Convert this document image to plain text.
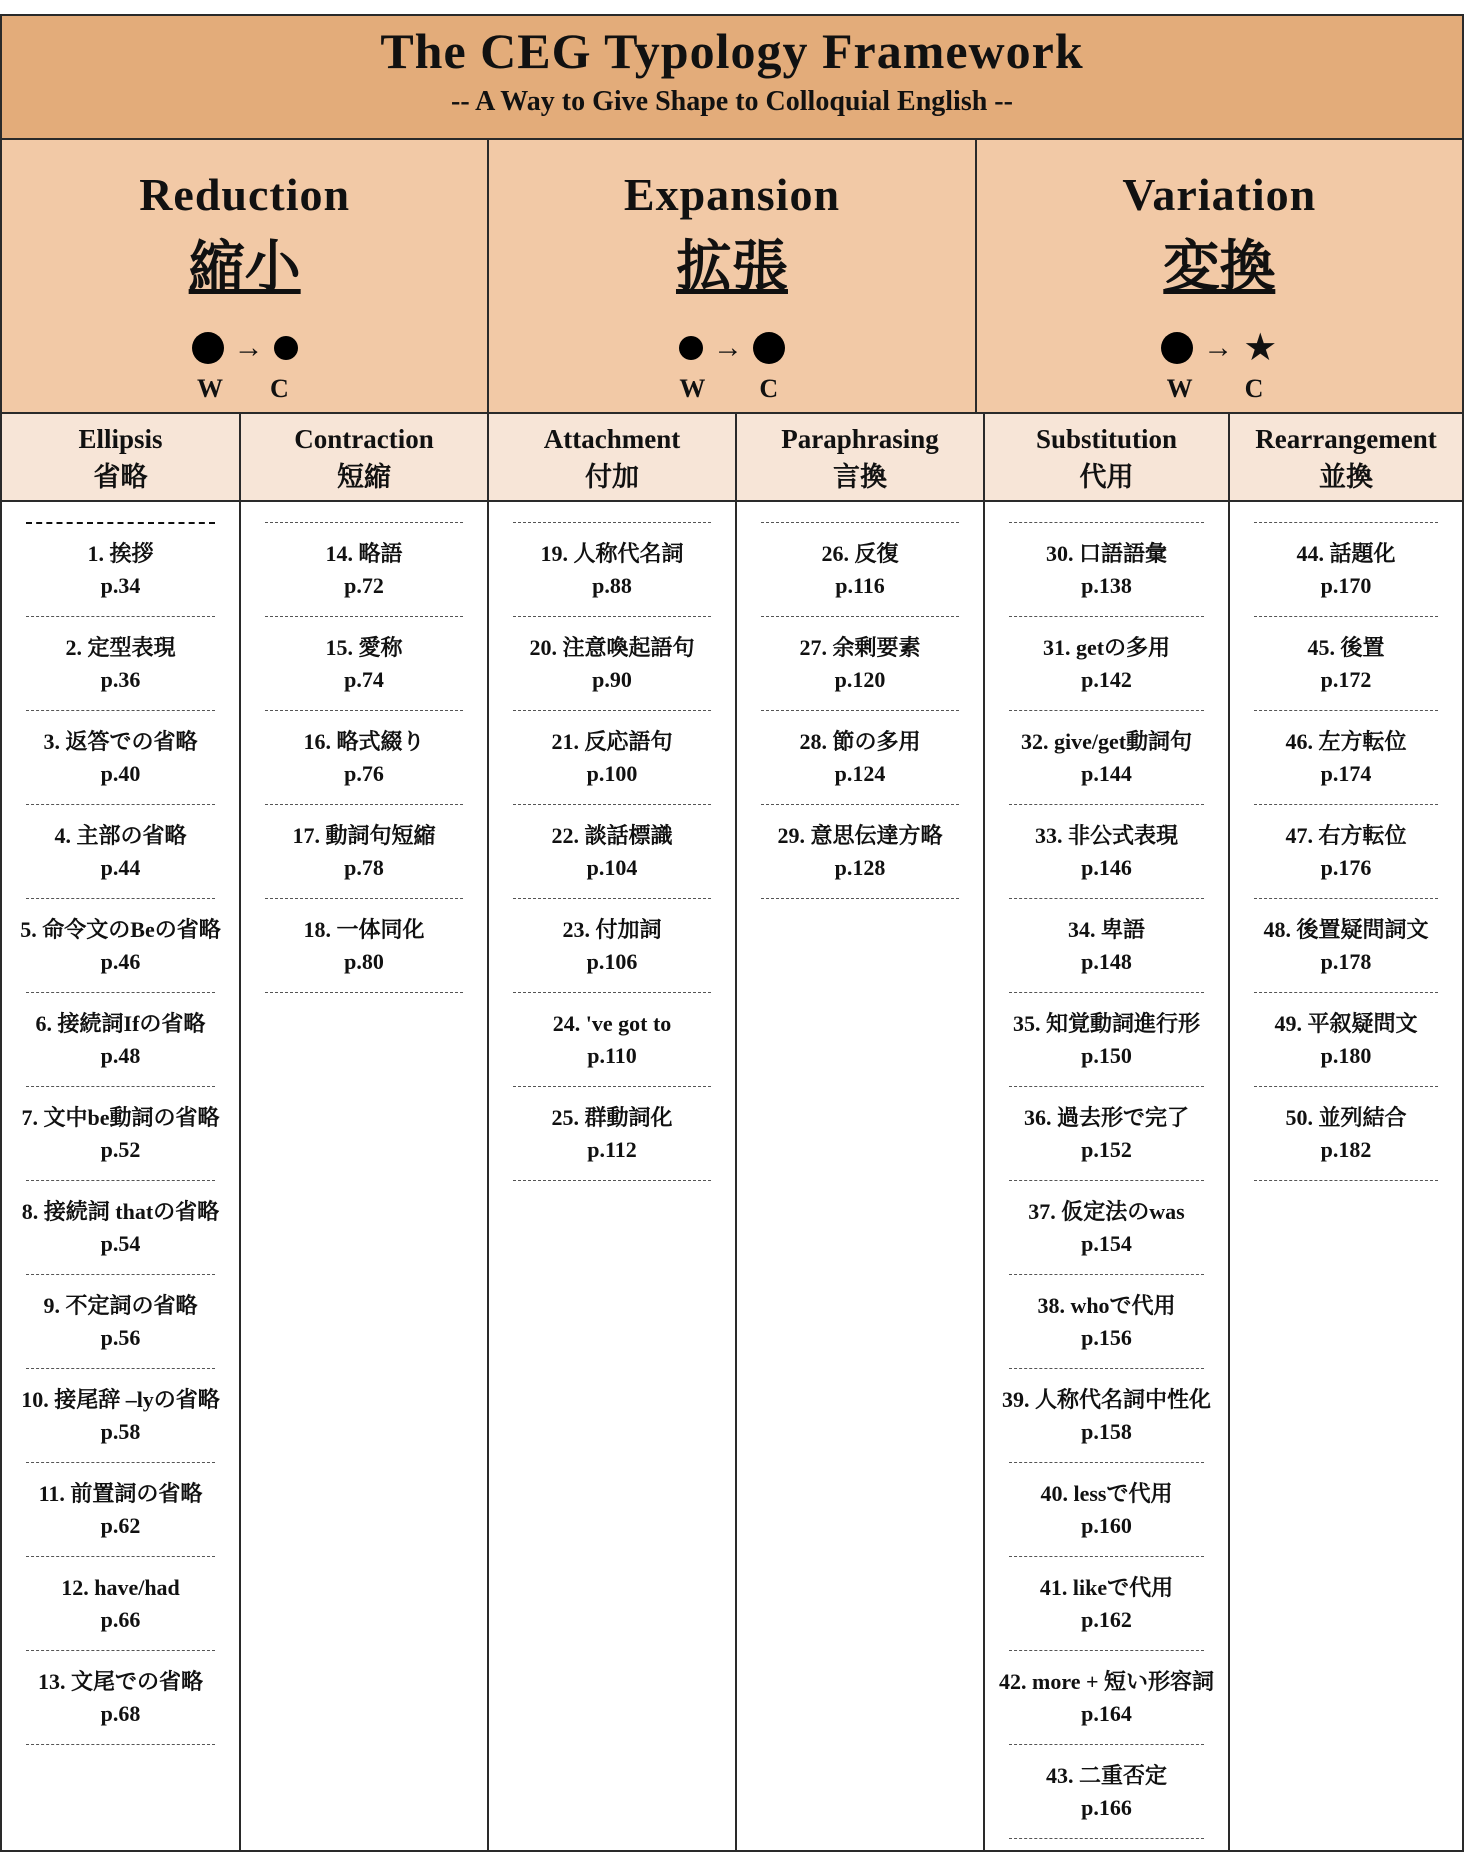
The CEG Typology Framework
-- A Way to Give Shape to Colloquial English --
Reduction
縮小
→
W C
Expansion
拡張
→
W C
Variation
変換
→ ★
W C
Ellipsis
省略
Contraction
短縮
Attachment
付加
Paraphrasing
言換
Substitution
代用
Rearrangement
並換
1. 挨拶
p.34
2. 定型表現
p.36
3. 返答での省略
p.40
4. 主部の省略
p.44
5. 命令文のBeの省略
p.46
6. 接続詞Ifの省略
p.48
7. 文中be動詞の省略
p.52
8. 接続詞 thatの省略
p.54
9. 不定詞の省略
p.56
10. 接尾辞 –lyの省略
p.58
11. 前置詞の省略
p.62
12. have/had
p.66
13. 文尾での省略
p.68
14. 略語
p.72
15. 愛称
p.74
16. 略式綴り
p.76
17. 動詞句短縮
p.78
18. 一体同化
p.80
19. 人称代名詞
p.88
20. 注意喚起語句
p.90
21. 反応語句
p.100
22. 談話標識
p.104
23. 付加詞
p.106
24. 've got to
p.110
25. 群動詞化
p.112
26. 反復
p.116
27. 余剰要素
p.120
28. 節の多用
p.124
29. 意思伝達方略
p.128
30. 口語語彙
p.138
31. getの多用
p.142
32. give/get動詞句
p.144
33. 非公式表現
p.146
34. 卑語
p.148
35. 知覚動詞進行形
p.150
36. 過去形で完了
p.152
37. 仮定法のwas
p.154
38. whoで代用
p.156
39. 人称代名詞中性化
p.158
40. lessで代用
p.160
41. likeで代用
p.162
42. more + 短い形容詞
p.164
43. 二重否定
p.166
44. 話題化
p.170
45. 後置
p.172
46. 左方転位
p.174
47. 右方転位
p.176
48. 後置疑問詞文
p.178
49. 平叙疑問文
p.180
50. 並列結合
p.182
